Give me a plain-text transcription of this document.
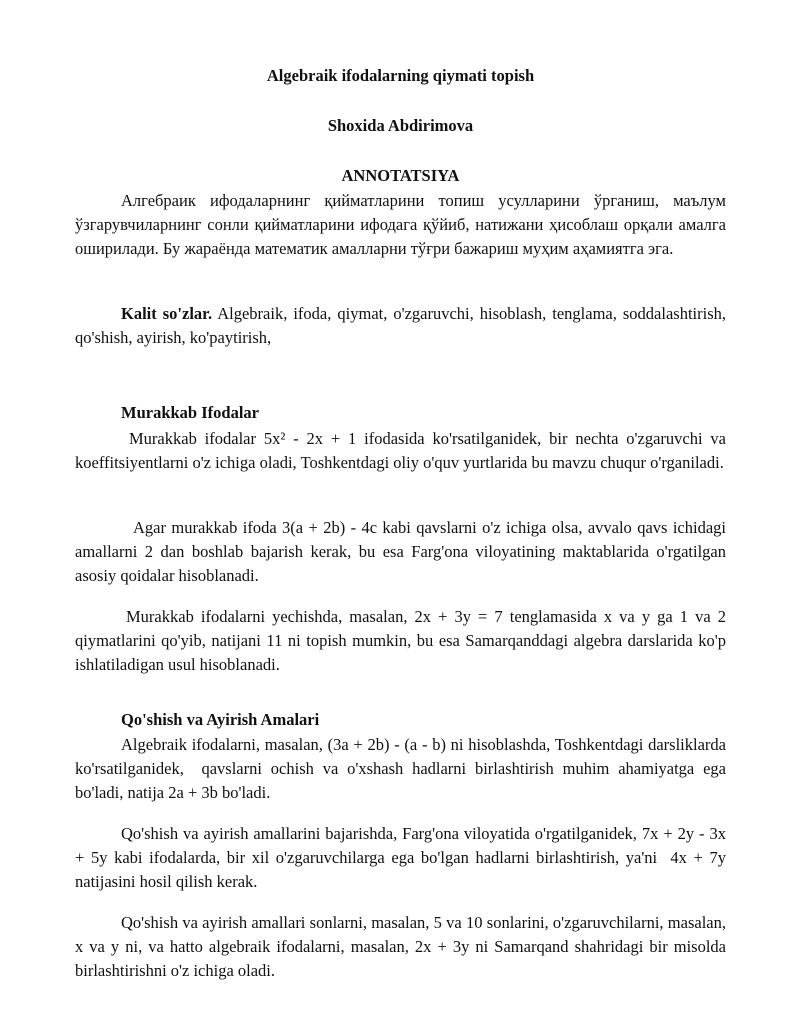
Algebraik ifodalarning qiymati topish
Shoxida Abdirimova
ANNOTATSIYA

Алгебраик ифодаларнинг қийматларини топиш усулларини ўрганиш, маълум ўзгарувчиларнинг сонли қийматларини ифодага қўйиб, натижани ҳисоблаш орқали амалга оширилади. Бу жараёнда математик амалларни тўғри бажариш муҳим аҳамиятга эга.

Kalit so'zlar. Algebraik, ifoda, qiymat, o'zgaruvchi, hisoblash, tenglama, soddalashtirish, qo'shish, ayirish, ko'paytirish,

Murakkab Ifodalar

Murakkab ifodalar 5x² - 2x + 1 ifodasida ko'rsatilganidek, bir nechta o'zgaruvchi va koeffitsiyentlarni o'z ichiga oladi, Toshkentdagi oliy o'quv yurtlarida bu mavzu chuqur o'rganiladi.

Agar murakkab ifoda 3(a + 2b) - 4c kabi qavslarni o'z ichiga olsa, avvalo qavs ichidagi amallarni 2 dan boshlab bajarish kerak, bu esa Farg'ona viloyatining maktablarida o'rgatilgan asosiy qoidalar hisoblanadi.

Murakkab ifodalarni yechishda, masalan, 2x + 3y = 7 tenglamasida x va y ga 1 va 2 qiymatlarini qo'yib, natijani 11 ni topish mumkin, bu esa Samarqanddagi algebra darslarida ko'p ishlatiladigan usul hisoblanadi.

Qo'shish va Ayirish Amalari

Algebraik ifodalarni, masalan, (3a + 2b) - (a - b) ni hisoblashda, Toshkentdagi darsliklarda ko'rsatilganidek,  qavslarni ochish va o'xshash hadlarni birlashtirish muhim ahamiyatga ega bo'ladi, natija 2a + 3b bo'ladi.

Qo'shish va ayirish amallarini bajarishda, Farg'ona viloyatida o'rgatilganidek, 7x + 2y - 3x + 5y kabi ifodalarda, bir xil o'zgaruvchilarga ega bo'lgan hadlarni birlashtirish, ya'ni  4x + 7y natijasini hosil qilish kerak.

Qo'shish va ayirish amallari sonlarni, masalan, 5 va 10 sonlarini, o'zgaruvchilarni, masalan, x va y ni, va hatto algebraik ifodalarni, masalan, 2x + 3y ni Samarqand shahridagi bir misolda birlashtirishni o'z ichiga oladi.
